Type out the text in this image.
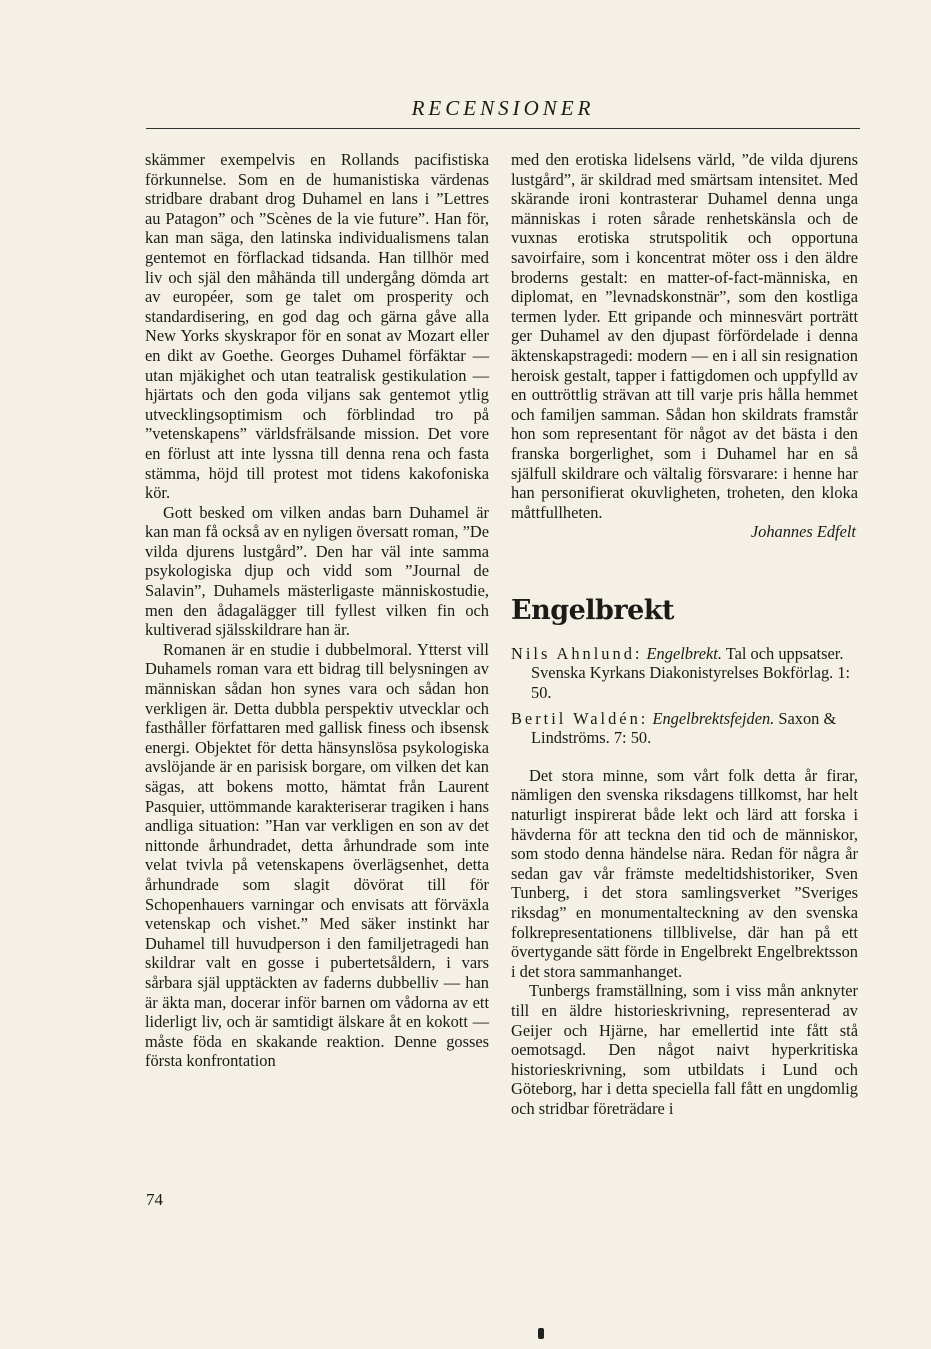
RECENSIONER

skämmer exempelvis en Rollands pacifistiska förkunnelse. Som en de humanistiska värdenas stridbare drabant drog Duhamel en lans i ”Lettres au Patagon” och ”Scènes de la vie future”. Han för, kan man säga, den latinska individualismens talan gentemot en förflackad tidsanda. Han tillhör med liv och själ den måhända till undergång dömda art av européer, som ge talet om prosperity och standardisering, en god dag och gärna gåve alla New Yorks skyskrapor för en sonat av Mozart eller en dikt av Goethe. Georges Duhamel förfäktar — utan mjäkighet och utan teatralisk gestikulation — hjärtats och den goda viljans sak gentemot ytlig utvecklingsoptimism och förblindad tro på ”vetenskapens” världsfrälsande mission. Det vore en förlust att inte lyssna till denna rena och fasta stämma, höjd till protest mot tidens kakofoniska kör.

Gott besked om vilken andas barn Duhamel är kan man få också av en nyligen översatt roman, ”De vilda djurens lustgård”. Den har väl inte samma psykologiska djup och vidd som ”Journal de Salavin”, Duhamels mästerligaste människostudie, men den ådagalägger till fyllest vilken fin och kultiverad själsskildrare han är.

Romanen är en studie i dubbelmoral. Ytterst vill Duhamels roman vara ett bidrag till belysningen av människan sådan hon synes vara och sådan hon verkligen är. Detta dubbla perspektiv utvecklar och fasthåller författaren med gallisk finess och ibsensk energi. Objektet för detta hänsynslösa psykologiska avslöjande är en parisisk borgare, om vilken det kan sägas, att bokens motto, hämtat från Laurent Pasquier, uttömmande karakteriserar tragiken i hans andliga situation: ”Han var verkligen en son av det nittonde århundradet, detta århundrade som inte velat tvivla på vetenskapens överlägsenhet, detta århundrade som slagit dövörat till för Schopenhauers varningar och envisats att förväxla vetenskap och vishet.” Med säker instinkt har Duhamel till huvudperson i den familjetragedi han skildrar valt en gosse i pubertetsåldern, i vars sårbara själ upptäckten av faderns dubbelliv — han är äkta man, docerar inför barnen om vådorna av ett liderligt liv, och är samtidigt älskare åt en kokott — måste föda en skakande reaktion. Denne gosses första konfrontation

med den erotiska lidelsens värld, ”de vilda djurens lustgård”, är skildrad med smärtsam intensitet. Med skärande ironi kontrasterar Duhamel denna unga människas i roten sårade renhetskänsla och de vuxnas erotiska strutspolitik och opportuna savoirfaire, som i koncentrat möter oss i den äldre broderns gestalt: en matter-of-fact-människa, en diplomat, en ”levnadskonstnär”, som den kostliga termen lyder. Ett gripande och minnesvärt porträtt ger Duhamel av den djupast förfördelade i denna äktenskapstragedi: modern — en i all sin resignation heroisk gestalt, tapper i fattigdomen och uppfylld av en outtröttlig strävan att till varje pris hålla hemmet och familjen samman. Sådan hon skildrats framstår hon som representant för något av det bästa i den franska borgerlighet, som i Duhamel har en så själfull skildrare och vältalig försvarare: i henne har han personifierat okuvligheten, troheten, den kloka måttfullheten.

Johannes Edfelt

Engelbrekt

Nils Ahnlund: Engelbrekt. Tal och uppsatser. Svenska Kyrkans Diakonistyrelses Bokförlag. 1: 50.

Bertil Waldén: Engelbrektsfejden. Saxon & Lindströms. 7: 50.

Det stora minne, som vårt folk detta år firar, nämligen den svenska riksdagens tillkomst, har helt naturligt inspirerat både lekt och lärd att forska i hävderna för att teckna den tid och de människor, som stodo denna händelse nära. Redan för några år sedan gav vår främste medeltidshistoriker, Sven Tunberg, i det stora samlingsverket ”Sveriges riksdag” en monumentalteckning av den svenska folkrepresentationens tillblivelse, där han på ett övertygande sätt förde in Engelbrekt Engelbrektsson i det stora sammanhanget.

Tunbergs framställning, som i viss mån anknyter till en äldre historieskrivning, representerad av Geijer och Hjärne, har emellertid inte fått stå oemotsagd. Den något naivt hyperkritiska historieskrivning, som utbildats i Lund och Göteborg, har i detta speciella fall fått en ungdomlig och stridbar företrädare i

74
